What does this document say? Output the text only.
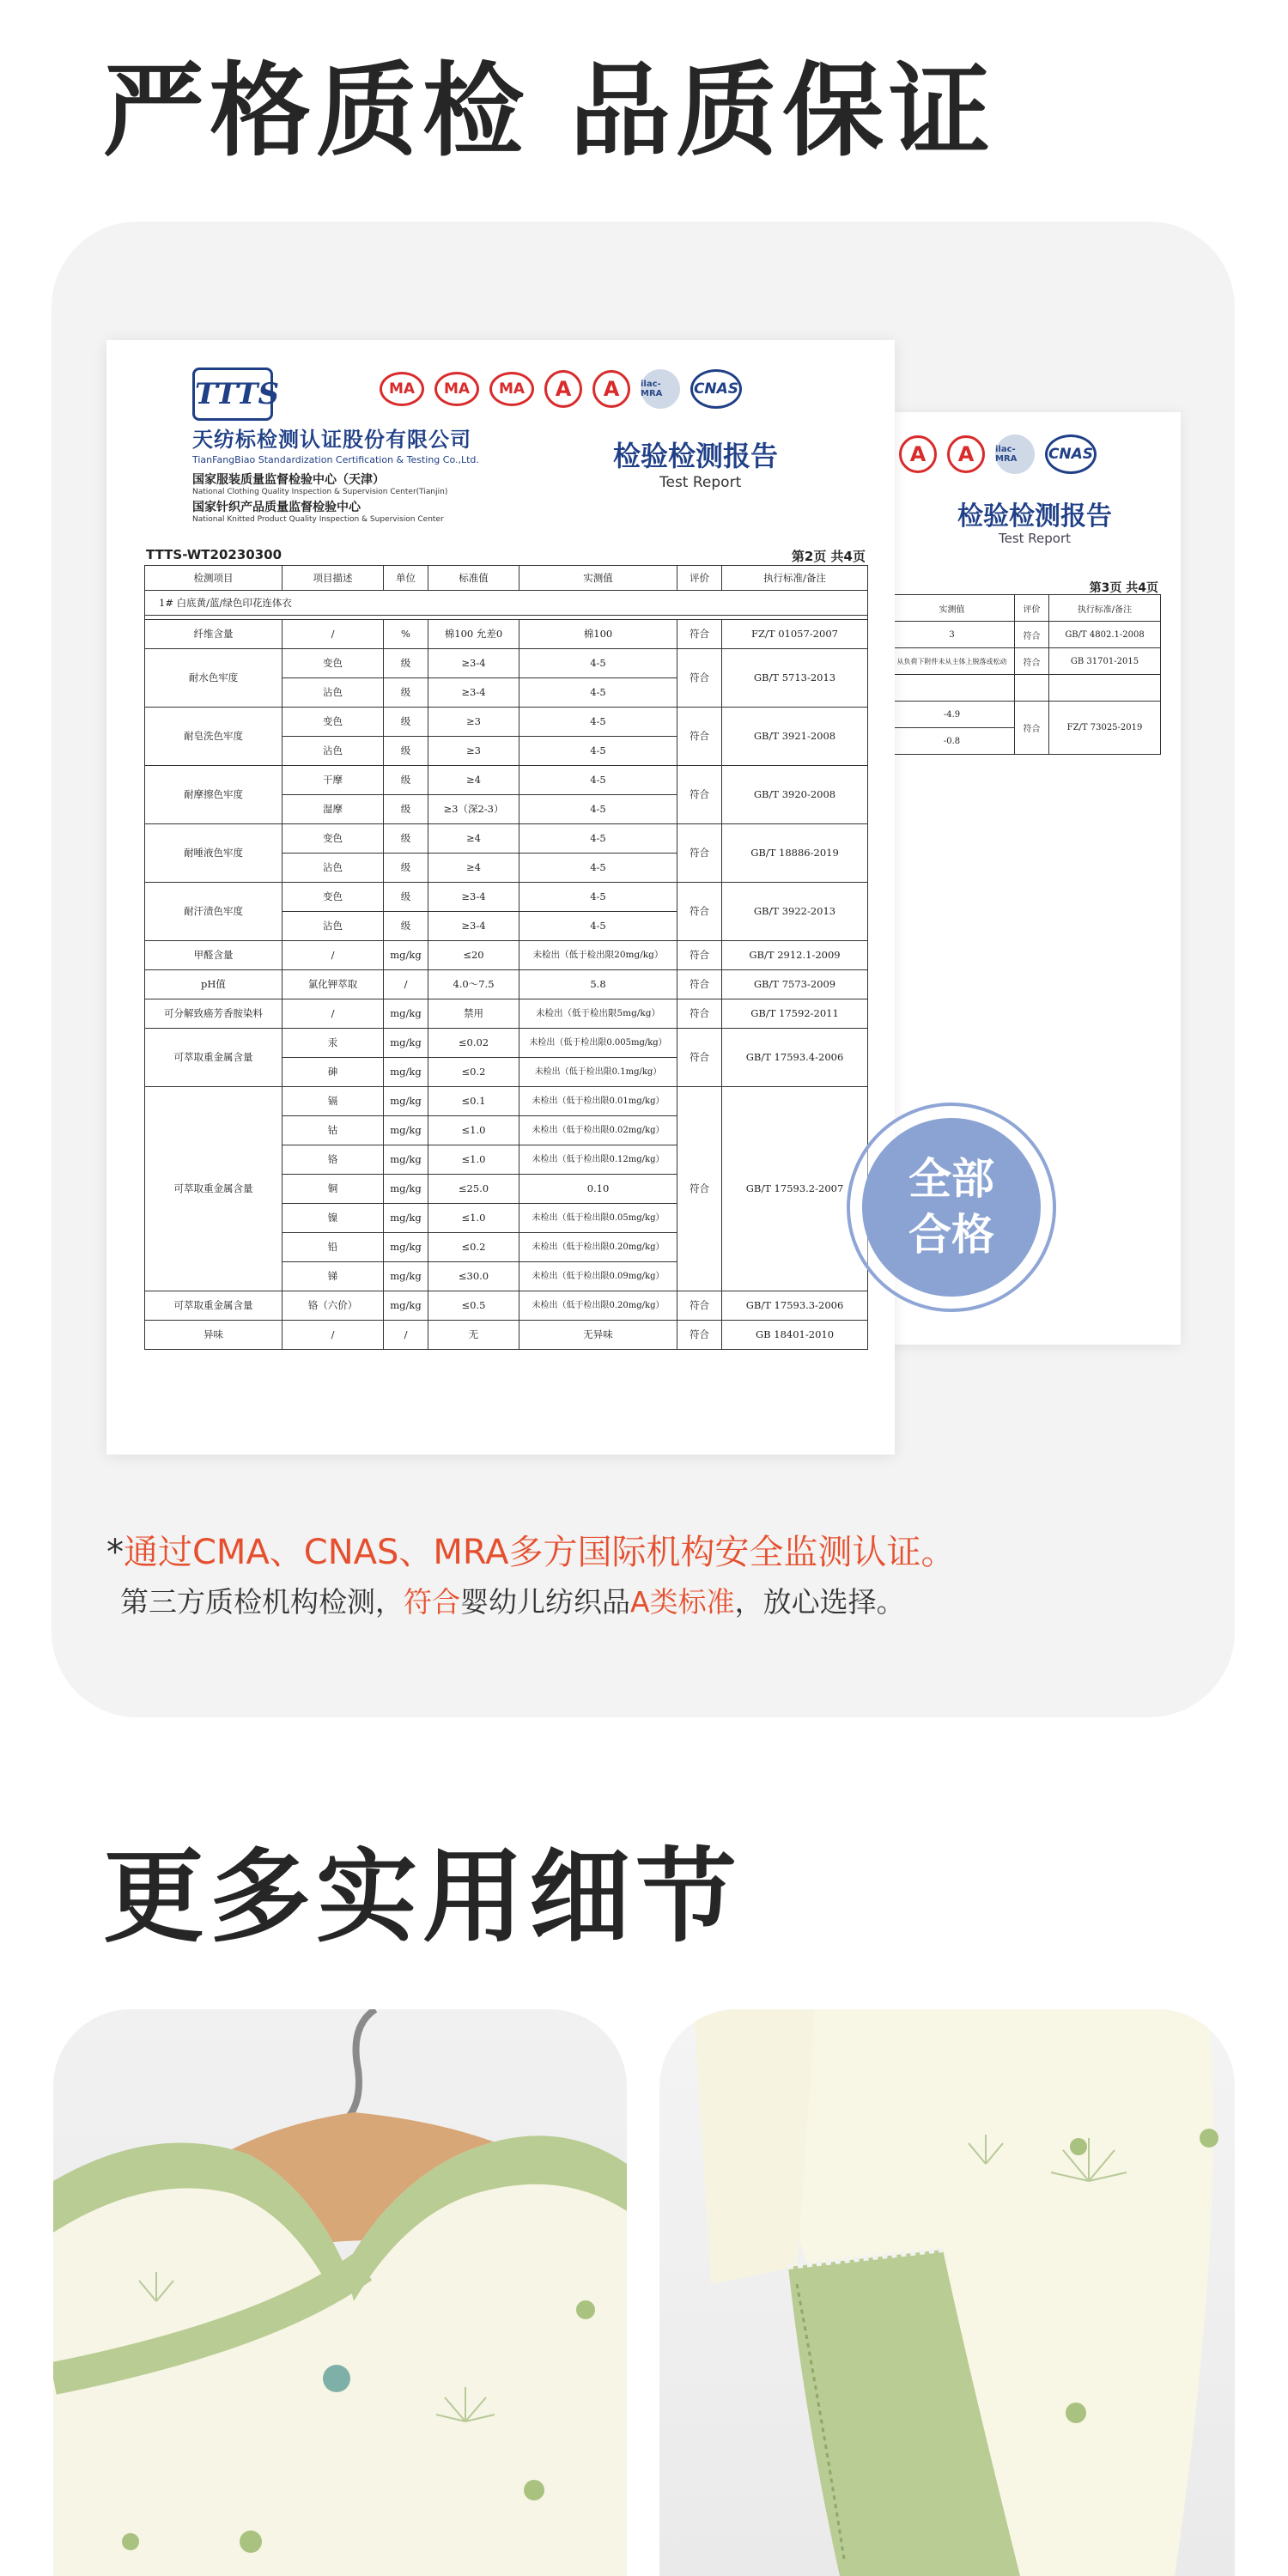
严格质检 品质保证
A	A	ilac-MRA	CNAS
检验检测报告
Test Report
第3页 共4页
实测值	评价	执行标准/备注
3	符合	GB/T 4802.1-2008
从负荷下附件未从主体上脱落或松动	符合	GB 31701-2015

-4.9	符合	FZ/T 73025-2019
-0.8		
TTTS	MA	MA	MA	A	A	ilac-MRA	CNAS
天纺标检测认证股份有限公司
TianFangBiao Standardization Certification & Testing Co.,Ltd.
国家服装质量监督检验中心（天津）
National Clothing Quality Inspection & Supervision Center(Tianjin)
国家针织产品质量监督检验中心
National Knitted Product Quality Inspection & Supervision Center
检验检测报告
Test Report
TTTS-WT20230300	第2页 共4页
检测项目	项目描述	单位	标准值	实测值	评价	执行标准/备注
1# 白底黄/蓝/绿色印花连体衣						

纤维含量	/	%	棉100 允差0	棉100	符合	FZ/T 01057-2007
耐水色牢度	变色	级	≥3-4	4-5	符合	GB/T 5713-2013
	沾色	级	≥3-4	4-5		
耐皂洗色牢度	变色	级	≥3	4-5	符合	GB/T 3921-2008
	沾色	级	≥3	4-5		
耐摩擦色牢度	干摩	级	≥4	4-5	符合	GB/T 3920-2008
	湿摩	级	≥3（深2-3）	4-5		
耐唾液色牢度	变色	级	≥4	4-5	符合	GB/T 18886-2019
	沾色	级	≥4	4-5		
耐汗渍色牢度	变色	级	≥3-4	4-5	符合	GB/T 3922-2013
	沾色	级	≥3-4	4-5		
甲醛含量	/	mg/kg	≤20	未检出（低于检出限20mg/kg）	符合	GB/T 2912.1-2009
pH值	氯化钾萃取	/	4.0～7.5	5.8	符合	GB/T 7573-2009
可分解致癌芳香胺染料	/	mg/kg	禁用	未检出（低于检出限5mg/kg）	符合	GB/T 17592-2011
可萃取重金属含量	汞	mg/kg	≤0.02	未检出（低于检出限0.005mg/kg）	符合	GB/T 17593.4-2006
	砷	mg/kg	≤0.2	未检出（低于检出限0.1mg/kg）		
可萃取重金属含量	镉	mg/kg	≤0.1	未检出（低于检出限0.01mg/kg）	符合	GB/T 17593.2-2007
	钴	mg/kg	≤1.0	未检出（低于检出限0.02mg/kg）		
	铬	mg/kg	≤1.0	未检出（低于检出限0.12mg/kg）		
	铜	mg/kg	≤25.0	0.10		
	镍	mg/kg	≤1.0	未检出（低于检出限0.05mg/kg）		
	铅	mg/kg	≤0.2	未检出（低于检出限0.20mg/kg）		
	锑	mg/kg	≤30.0	未检出（低于检出限0.09mg/kg）		
可萃取重金属含量	铬（六价）	mg/kg	≤0.5	未检出（低于检出限0.20mg/kg）	符合	GB/T 17593.3-2006
异味	/	/	无	无异味	符合	GB 18401-2010
全部
合格
*通过CMA、CNAS、MRA多方国际机构安全监测认证。
第三方质检机构检测，符合婴幼儿纺织品A类标准，放心选择。
更多实用细节
